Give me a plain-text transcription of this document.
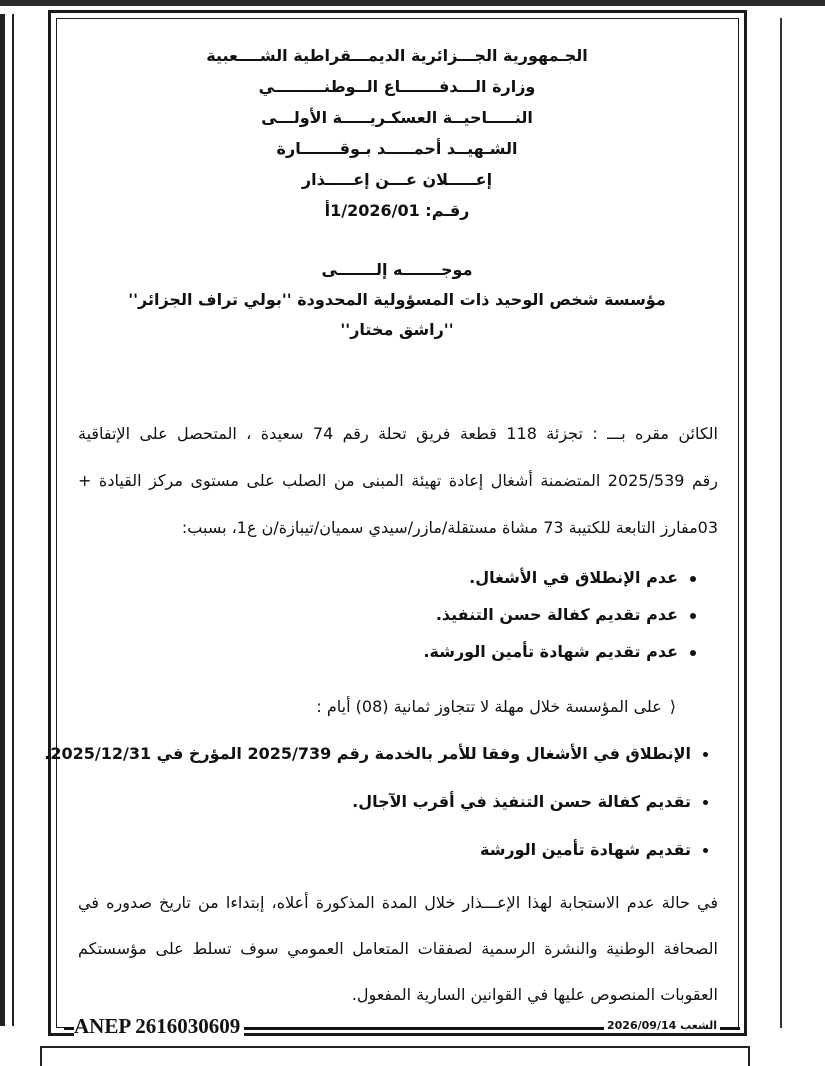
الجـمهورية الجـــزائرية الديمـــقراطية الشــــعبية

وزارة الـــدفـــــــاع الــوطنـــــــــي

النـــــاحيــة العسكـريـــــة الأولـــى

الشـهيــد أحمـــــد بـوقـــــــارة

إعـــــلان عـــن إعـــــذار

رقـم: 1/2026/01أ

موجـــــــه إلـــــــى

مؤسسة شخص الوحيد ذات المسؤولية المحدودة ''بولي تراف الجزائر''

''راشق مختار''

الكائن مقره بـــ : تجزئة 118 قطعة فريق تحلة رقم 74 سعيدة ، المتحصل على الإتفاقية
رقم 2025/539 المتضمنة أشغال إعادة تهيئة المبنى من الصلب على مستوى مركز القيادة +
03مفارز التابعة للكتيبة 73 مشاة مستقلة/مازر/سيدي سميان/تيبازة/ن ع1، بسبب:
عدم الإنطلاق في الأشغال.
عدم تقديم كفالة حسن التنفيذ.
عدم تقديم شهادة تأمين الورشة.
⟨على المؤسسة خلال مهلة لا تتجاوز ثمانية (08) أيام :
الإنطلاق في الأشغال وفقا للأمر بالخدمة رقم 2025/739 المؤرخ في 2025/12/31.
تقديم كفالة حسن التنفيذ في أقرب الآجال.
تقديم شهادة تأمين الورشة
في حالة عدم الاستجابة لهذا الإعـــذار خلال المدة المذكورة أعلاه، إبتداءا من تاريخ صدوره في
الصحافة الوطنية والنشرة الرسمية لصفقات المتعامل العمومي سوف تسلط على مؤسستكم
العقوبات المنصوص عليها في القوانين السارية المفعول.
ANEP 2616030609	2026/09/14 الشعب
